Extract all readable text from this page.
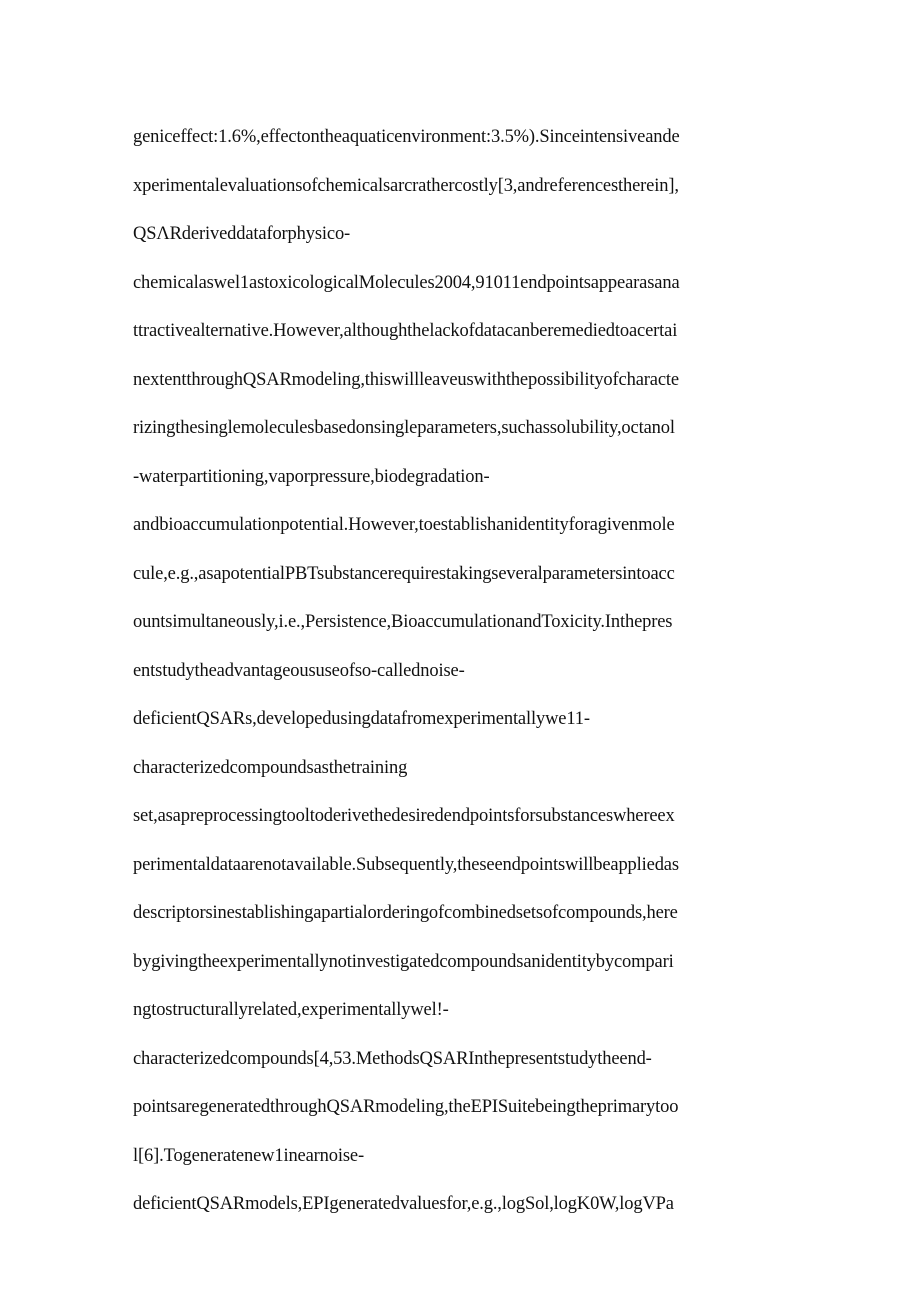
geniceffect:1.6%,effectontheaquaticenvironment:3.5%).Sinceintensiveande
xperimentalevaluationsofchemicalsarcrathercostly[3,andreferencestherein],
QSΛRderiveddataforphysico-
chemicalaswel1astoxicologicalMolecules2004,91011endpointsappearasana
ttractivealternative.However,althoughthelackofdatacanberemediedtoacertai
nextentthroughQSARmodeling,thiswillleaveuswiththepossibilityofcharacte
rizingthesinglemoleculesbasedonsingleparameters,suchassolubility,octanol
-waterpartitioning,vaporpressure,biodegradation-
andbioaccumulationpotential.However,toestablishanidentityforagivenmole
cule,e.g.,asapotentialPBTsubstancerequirestakingseveralparametersintoacc
ountsimultaneously,i.e.,Persistence,BioaccumulationandToxicity.Inthepres
entstudytheadvantageoususeofso-callednoise-
deficientQSARs,developedusingdatafromexperimentallywe11-
characterizedcompoundsasthetraining
set,asapreprocessingtooltoderivethedesiredendpointsforsubstanceswhereex
perimentaldataarenotavailable.Subsequently,theseendpointswillbeappliedas
descriptorsinestablishingapartialorderingofcombinedsetsofcompounds,here
bygivingtheexperimentallynotinvestigatedcompoundsanidentitybycompari
ngtostructurallyrelated,experimentallywel!-
characterizedcompounds[4,53.MethodsQSARInthepresentstudytheend-
pointsaregeneratedthroughQSARmodeling,theEPISuitebeingtheprimarytoo
l[6].Togeneratenew1inearnoise-
deficientQSARmodels,EPIgeneratedvaluesfor,e.g.,logSol,logK0W,logVPa
